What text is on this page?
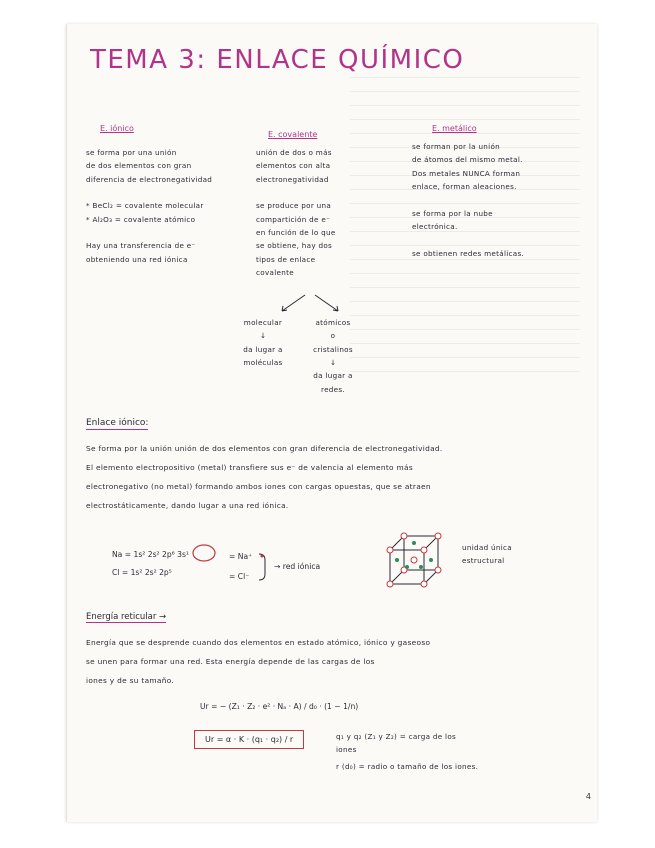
TEMA 3: ENLACE QUÍMICO
E. iónico
E. covalente
E. metálico
se forma por una unión
de dos elementos con gran
diferencia de electronegatividad

* BeCl₂ = covalente molecular
* Al₂O₃ = covalente atómico

Hay una transferencia de e⁻
obteniendo una red iónica
unión de dos o más
elementos con alta
electronegatividad

se produce por una
compartición de e⁻
en función de lo que
se obtiene, hay dos
tipos de enlace
covalente
se forman por la unión
de átomos del mismo metal.
Dos metales NUNCA forman
enlace, forman aleaciones.

se forma por la nube
electrónica.

se obtienen redes metálicas.
molecular
↓
da lugar a
moléculas
atómicos
o
cristalinos
↓
da lugar a
redes.
Enlace iónico:
Se forma por la unión unión de dos elementos con gran diferencia de electronegatividad.
El elemento electropositivo (metal) transfiere sus e⁻ de valencia al elemento más
electronegativo (no metal) formando ambos iones con cargas opuestas, que se atraen
electrostáticamente, dando lugar a una red iónica.
Na = 1s² 2s² 2p⁶ 3s¹	= Na⁺
Cl = 1s² 2s² 2p⁵	= Cl⁻
→ red iónica
unidad única
estructural
Energía reticular →
Energía que se desprende cuando dos elementos en estado atómico, iónico y gaseoso
se unen para formar una red. Esta energía depende de las cargas de los
iones y de su tamaño.
Ur = − (Z₁ · Z₂ · e² · Nₐ · A) / d₀ · (1 − 1/n)
Ur = α · K · (q₁ · q₂) / r	q₁ y q₂ (Z₁ y Z₂) = carga de los
iones
r (d₀) = radio o tamaño de los iones.
4
